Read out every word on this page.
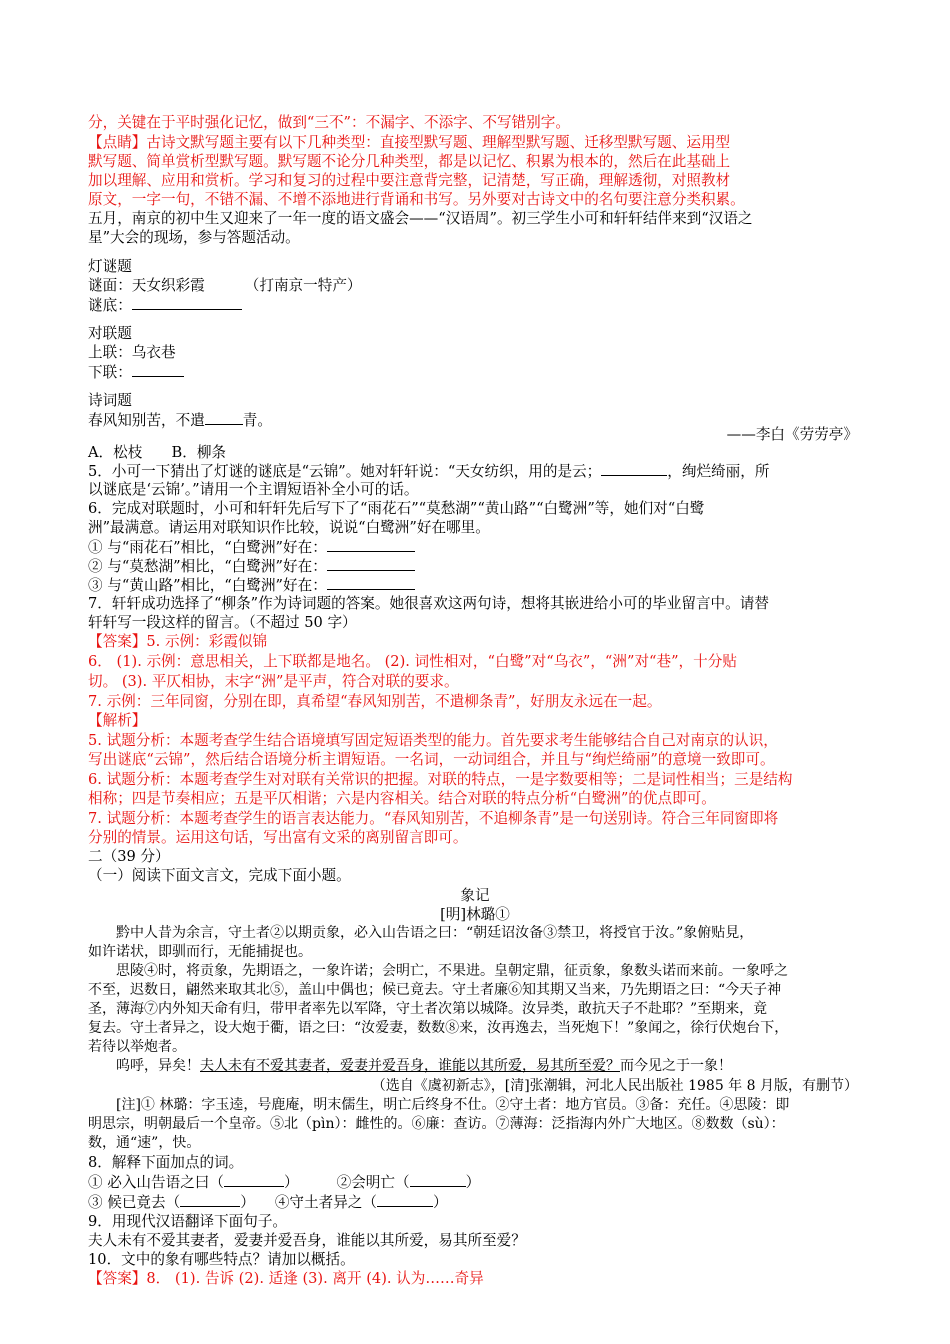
分，关键在于平时强化记忆，做到“三不”：不漏字、不添字、不写错别字。
【点睛】古诗文默写题主要有以下几种类型：直接型默写题、理解型默写题、迁移型默写题、运用型
默写题、简单赏析型默写题。默写题不论分几种类型，都是以记忆、积累为根本的，然后在此基础上
加以理解、应用和赏析。学习和复习的过程中要注意背完整，记清楚，写正确，理解透彻，对照教材
原文，一字一句，不错不漏、不增不添地进行背诵和书写。另外要对古诗文中的名句要注意分类积累。
五月，南京的初中生又迎来了一年一度的语文盛会——“汉语周”。初三学生小可和轩轩结伴来到“汉语之
星”大会的现场，参与答题活动。
灯谜题
谜面：天女织彩霞	（打南京一特产）
谜底：
对联题
上联：乌衣巷
下联：
诗词题
春风知别苦，不遣	青。
——李白《劳劳亭》
A．松枝　　B．柳条
5．小可一下猜出了灯谜的谜底是“云锦”。她对轩轩说：“天女纺织，用的是云；	，绚烂绮丽，所
以谜底是‘云锦’。”请用一个主谓短语补全小可的话。
6．完成对联题时，小可和轩轩先后写下了“雨花石”“莫愁湖”“黄山路”“白鹭洲”等，她们对“白鹭
洲”最满意。请运用对联知识作比较，说说“白鹭洲”好在哪里。
① 与“雨花石”相比，“白鹭洲”好在：
② 与“莫愁湖”相比，“白鹭洲”好在：
③ 与“黄山路”相比，“白鹭洲”好在：
7．轩轩成功选择了“柳条”作为诗词题的答案。她很喜欢这两句诗，想将其嵌进给小可的毕业留言中。请替
轩轩写一段这样的留言。（不超过 50 字）
【答案】5. 示例：彩霞似锦
6． (1). 示例：意思相关，上下联都是地名。 (2). 词性相对，“白鹭”对“乌衣”，“洲”对“巷”，十分贴
切。 (3). 平仄相协，末字“洲”是平声，符合对联的要求。
7. 示例：三年同窗，分别在即，真希望“春风知别苦，不遣柳条青”，好朋友永远在一起。
【解析】
5. 试题分析：本题考查学生结合语境填写固定短语类型的能力。首先要求考生能够结合自己对南京的认识，
写出谜底“云锦”，然后结合语境分析主谓短语。一名词，一动词组合，并且与“绚烂绮丽”的意境一致即可。
6. 试题分析：本题考查学生对对联有关常识的把握。对联的特点，一是字数要相等；二是词性相当；三是结构
相称；四是节奏相应；五是平仄相谐；六是内容相关。结合对联的特点分析“白鹭洲”的优点即可。
7. 试题分析：本题考查学生的语言表达能力。“春风知别苦，不追柳条青”是一句送别诗。符合三年同窗即将
分别的情景。运用这句话，写出富有文采的离别留言即可。
二（39 分）
（一）阅读下面文言文，完成下面小题。
象记
[明]林璐①
　　黔中人昔为余言，守土者②以期贡象，必入山告语之曰：“朝廷诏汝备③禁卫，将授官于汝。”象俯贴見，
如许诺状，即驯而行，无能捕捉也。
　　思陵④时，将贡象，先期语之，一象许诺；会明亡，不果进。皇朝定鼎，征贡象，象数头诺而来前。一象呼之
不至，迟数日，翩然来取其北⑤，盖山中偶也；候已竟去。守土者廉⑥知其期又当来，乃先期语之曰：“今天子神
圣，薄海⑦内外知天命有归，带甲者率先以军降，守土者次第以城降。汝异类，敢抗天子不赴耶？”至期来，竟
复去。守土者异之，设大炮于衢，语之曰：“汝爱妻，数数⑧来，汝再逸去，当死炮下！”象闻之，徐行伏炮台下，
若待以举炮者。
　　呜呼，异矣！夫人未有不爱其妻者，爱妻并爱吾身，谁能以其所爱，易其所至爱？而今见之于一象！
（选自《虞初新志》，[清]张潮辑，河北人民出版社 1985 年 8 月版，有删节）
　　[注]① 林璐：字玉逵，号鹿庵，明末儒生，明亡后终身不仕。②守土者：地方官员。③备：充任。④思陵：即
明思宗，明朝最后一个皇帝。⑤北（pìn）：雌性的。⑥廉：查访。⑦薄海：泛指海内外广大地区。⑧数数（sù）：
数，通“速”，快。
8．解释下面加点的词。
① 必入山告语之曰（	）	②会明亡（	）
③ 候已竟去（	） ④守土者异之（	）
9．用现代汉语翻译下面句子。
夫人未有不爱其妻者，爱妻并爱吾身，谁能以其所爱，易其所至爱？
10．文中的象有哪些特点？请加以概括。
【答案】8． (1). 告诉 (2). 适逢 (3). 离开 (4). 认为……奇异
